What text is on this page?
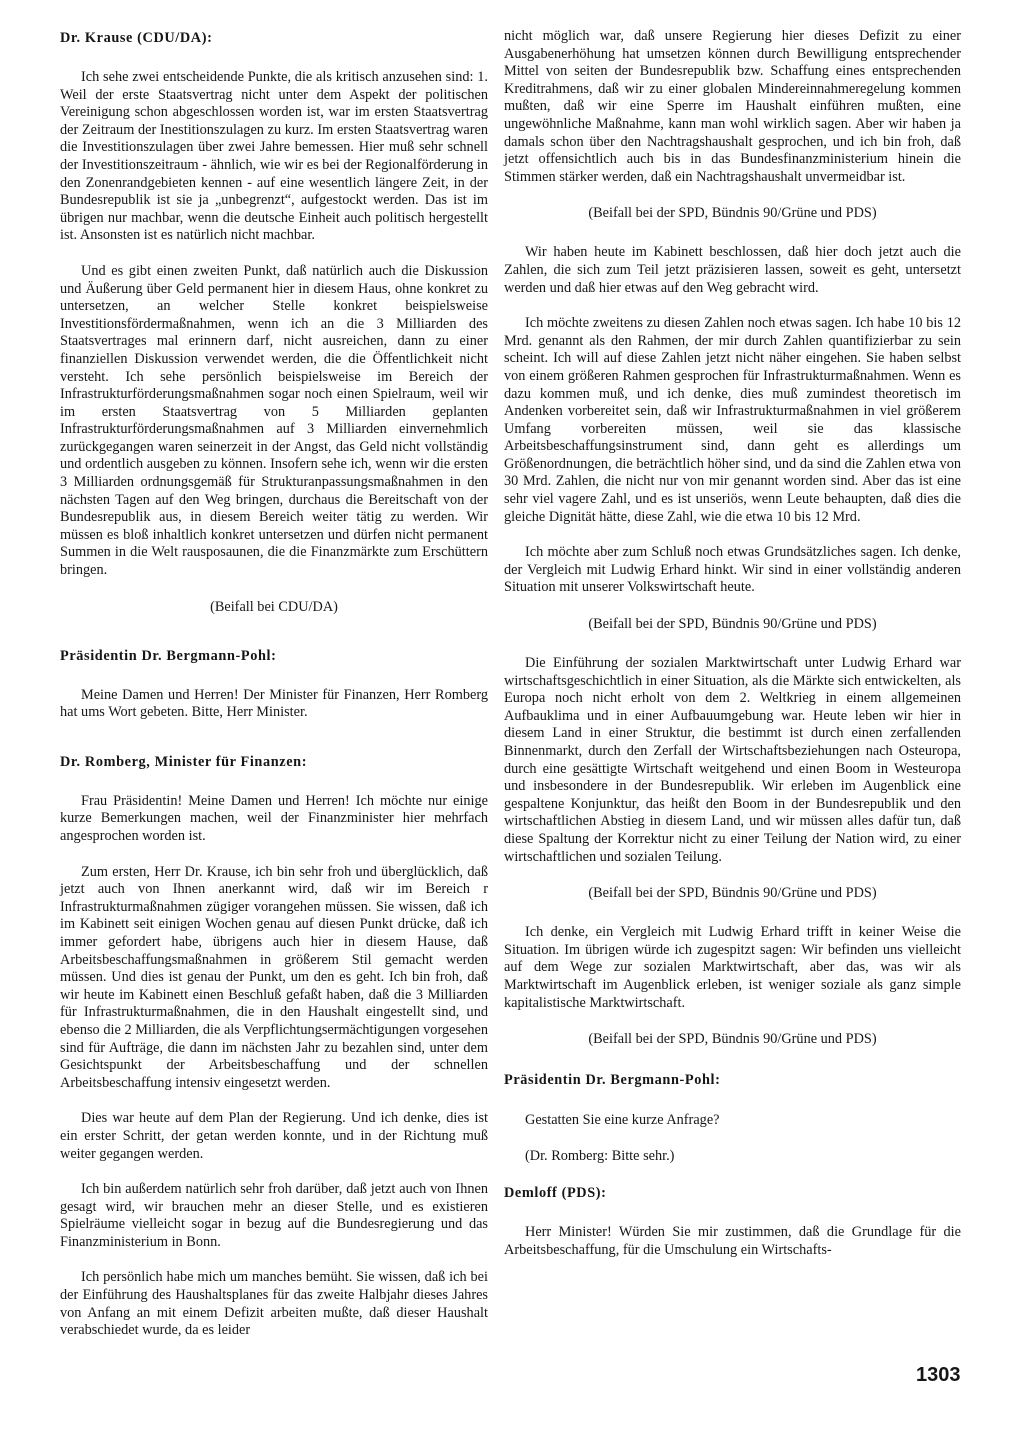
Dr. Krause (CDU/DA):

Ich sehe zwei entscheidende Punkte, die als kritisch anzusehen sind: 1. Weil der erste Staatsvertrag nicht unter dem Aspekt der politischen Vereinigung schon abgeschlossen worden ist, war im ersten Staatsvertrag der Zeitraum der Inestitionszulagen zu kurz. Im ersten Staatsvertrag waren die Investitionszulagen über zwei Jahre bemessen. Hier muß sehr schnell der Investitionszeitraum - ähnlich, wie wir es bei der Regionalförderung in den Zonenrandgebieten kennen - auf eine wesentlich längere Zeit, in der Bundesrepublik ist sie ja „unbegrenzt“, aufgestockt werden. Das ist im übrigen nur machbar, wenn die deutsche Einheit auch politisch hergestellt ist. Ansonsten ist es natürlich nicht machbar.

Und es gibt einen zweiten Punkt, daß natürlich auch die Diskussion und Äußerung über Geld permanent hier in diesem Haus, ohne konkret zu untersetzen, an welcher Stelle konkret beispielsweise Investitionsfördermaßnahmen, wenn ich an die 3 Milliarden des Staatsvertrages mal erinnern darf, nicht ausreichen, dann zu einer finanziellen Diskussion verwendet werden, die die Öffentlichkeit nicht versteht. Ich sehe persönlich beispielsweise im Bereich der Infrastrukturförderungsmaßnahmen sogar noch einen Spielraum, weil wir im ersten Staatsvertrag von 5 Milliarden geplanten Infrastrukturförderungsmaßnahmen auf 3 Milliarden einvernehmlich zurückgegangen waren seinerzeit in der Angst, das Geld nicht vollständig und ordentlich ausgeben zu können. Insofern sehe ich, wenn wir die ersten 3 Milliarden ordnungsgemäß für Strukturanpassungsmaßnahmen in den nächsten Tagen auf den Weg bringen, durchaus die Bereitschaft von der Bundesrepublik aus, in diesem Bereich weiter tätig zu werden. Wir müssen es bloß inhaltlich konkret untersetzen und dürfen nicht permanent Summen in die Welt rausposaunen, die die Finanzmärkte zum Erschüttern bringen.

(Beifall bei CDU/DA)

Präsidentin Dr. Bergmann-Pohl:

Meine Damen und Herren! Der Minister für Finanzen, Herr Romberg hat ums Wort gebeten. Bitte, Herr Minister.

Dr. Romberg, Minister für Finanzen:

Frau Präsidentin! Meine Damen und Herren! Ich möchte nur einige kurze Bemerkungen machen, weil der Finanzminister hier mehrfach angesprochen worden ist.

Zum ersten, Herr Dr. Krause, ich bin sehr froh und überglücklich, daß jetzt auch von Ihnen anerkannt wird, daß wir im Bereich r Infrastrukturmaßnahmen zügiger vorangehen müssen. Sie wissen, daß ich im Kabinett seit einigen Wochen genau auf diesen Punkt drücke, daß ich immer gefordert habe, übrigens auch hier in diesem Hause, daß Arbeitsbeschaffungsmaßnahmen in größerem Stil gemacht werden müssen. Und dies ist genau der Punkt, um den es geht. Ich bin froh, daß wir heute im Kabinett einen Beschluß gefaßt haben, daß die 3 Milliarden für Infrastrukturmaßnahmen, die in den Haushalt eingestellt sind, und ebenso die 2 Milliarden, die als Verpflichtungsermächtigungen vorgesehen sind für Aufträge, die dann im nächsten Jahr zu bezahlen sind, unter dem Gesichtspunkt der Arbeitsbeschaffung und der schnellen Arbeitsbeschaffung intensiv eingesetzt werden.

Dies war heute auf dem Plan der Regierung. Und ich denke, dies ist ein erster Schritt, der getan werden konnte, und in der Richtung muß weiter gegangen werden.

Ich bin außerdem natürlich sehr froh darüber, daß jetzt auch von Ihnen gesagt wird, wir brauchen mehr an dieser Stelle, und es existieren Spielräume vielleicht sogar in bezug auf die Bundesregierung und das Finanzministerium in Bonn.

Ich persönlich habe mich um manches bemüht. Sie wissen, daß ich bei der Einführung des Haushaltsplanes für das zweite Halbjahr dieses Jahres von Anfang an mit einem Defizit arbeiten mußte, daß dieser Haushalt verabschiedet wurde, da es leider

nicht möglich war, daß unsere Regierung hier dieses Defizit zu einer Ausgabenerhöhung hat umsetzen können durch Bewilligung entsprechender Mittel von seiten der Bundesrepublik bzw. Schaffung eines entsprechenden Kreditrahmens, daß wir zu einer globalen Mindereinnahmeregelung kommen mußten, daß wir eine Sperre im Haushalt einführen mußten, eine ungewöhnliche Maßnahme, kann man wohl wirklich sagen. Aber wir haben ja damals schon über den Nachtragshaushalt gesprochen, und ich bin froh, daß jetzt offensichtlich auch bis in das Bundesfinanzministerium hinein die Stimmen stärker werden, daß ein Nachtragshaushalt unvermeidbar ist.

(Beifall bei der SPD, Bündnis 90/Grüne und PDS)

Wir haben heute im Kabinett beschlossen, daß hier doch jetzt auch die Zahlen, die sich zum Teil jetzt präzisieren lassen, soweit es geht, untersetzt werden und daß hier etwas auf den Weg gebracht wird.

Ich möchte zweitens zu diesen Zahlen noch etwas sagen. Ich habe 10 bis 12 Mrd. genannt als den Rahmen, der mir durch Zahlen quantifizierbar zu sein scheint. Ich will auf diese Zahlen jetzt nicht näher eingehen. Sie haben selbst von einem größeren Rahmen gesprochen für Infrastrukturmaßnahmen. Wenn es dazu kommen muß, und ich denke, dies muß zumindest theoretisch im Andenken vorbereitet sein, daß wir Infrastrukturmaßnahmen in viel größerem Umfang vorbereiten müssen, weil sie das klassische Arbeitsbeschaffungsinstrument sind, dann geht es allerdings um Größenordnungen, die beträchtlich höher sind, und da sind die Zahlen etwa von 30 Mrd. Zahlen, die nicht nur von mir genannt worden sind. Aber das ist eine sehr viel vagere Zahl, und es ist unseriös, wenn Leute behaupten, daß dies die gleiche Dignität hätte, diese Zahl, wie die etwa 10 bis 12 Mrd.

Ich möchte aber zum Schluß noch etwas Grundsätzliches sagen. Ich denke, der Vergleich mit Ludwig Erhard hinkt. Wir sind in einer vollständig anderen Situation mit unserer Volkswirtschaft heute.

(Beifall bei der SPD, Bündnis 90/Grüne und PDS)

Die Einführung der sozialen Marktwirtschaft unter Ludwig Erhard war wirtschaftsgeschichtlich in einer Situation, als die Märkte sich entwickelten, als Europa noch nicht erholt von dem 2. Weltkrieg in einem allgemeinen Aufbauklima und in einer Aufbauumgebung war. Heute leben wir hier in diesem Land in einer Struktur, die bestimmt ist durch einen zerfallenden Binnenmarkt, durch den Zerfall der Wirtschaftsbeziehungen nach Osteuropa, durch eine gesättigte Wirtschaft weitgehend und einen Boom in Westeuropa und insbesondere in der Bundesrepublik. Wir erleben im Augenblick eine gespaltene Konjunktur, das heißt den Boom in der Bundesrepublik und den wirtschaftlichen Abstieg in diesem Land, und wir müssen alles dafür tun, daß diese Spaltung der Korrektur nicht zu einer Teilung der Nation wird, zu einer wirtschaftlichen und sozialen Teilung.

(Beifall bei der SPD, Bündnis 90/Grüne und PDS)

Ich denke, ein Vergleich mit Ludwig Erhard trifft in keiner Weise die Situation. Im übrigen würde ich zugespitzt sagen: Wir befinden uns vielleicht auf dem Wege zur sozialen Marktwirtschaft, aber das, was wir als Marktwirtschaft im Augenblick erleben, ist weniger soziale als ganz simple kapitalistische Marktwirtschaft.

(Beifall bei der SPD, Bündnis 90/Grüne und PDS)

Präsidentin Dr. Bergmann-Pohl:

Gestatten Sie eine kurze Anfrage?

(Dr. Romberg: Bitte sehr.)

Demloff (PDS):

Herr Minister! Würden Sie mir zustimmen, daß die Grundlage für die Arbeitsbeschaffung, für die Umschulung ein Wirtschafts-

1303
